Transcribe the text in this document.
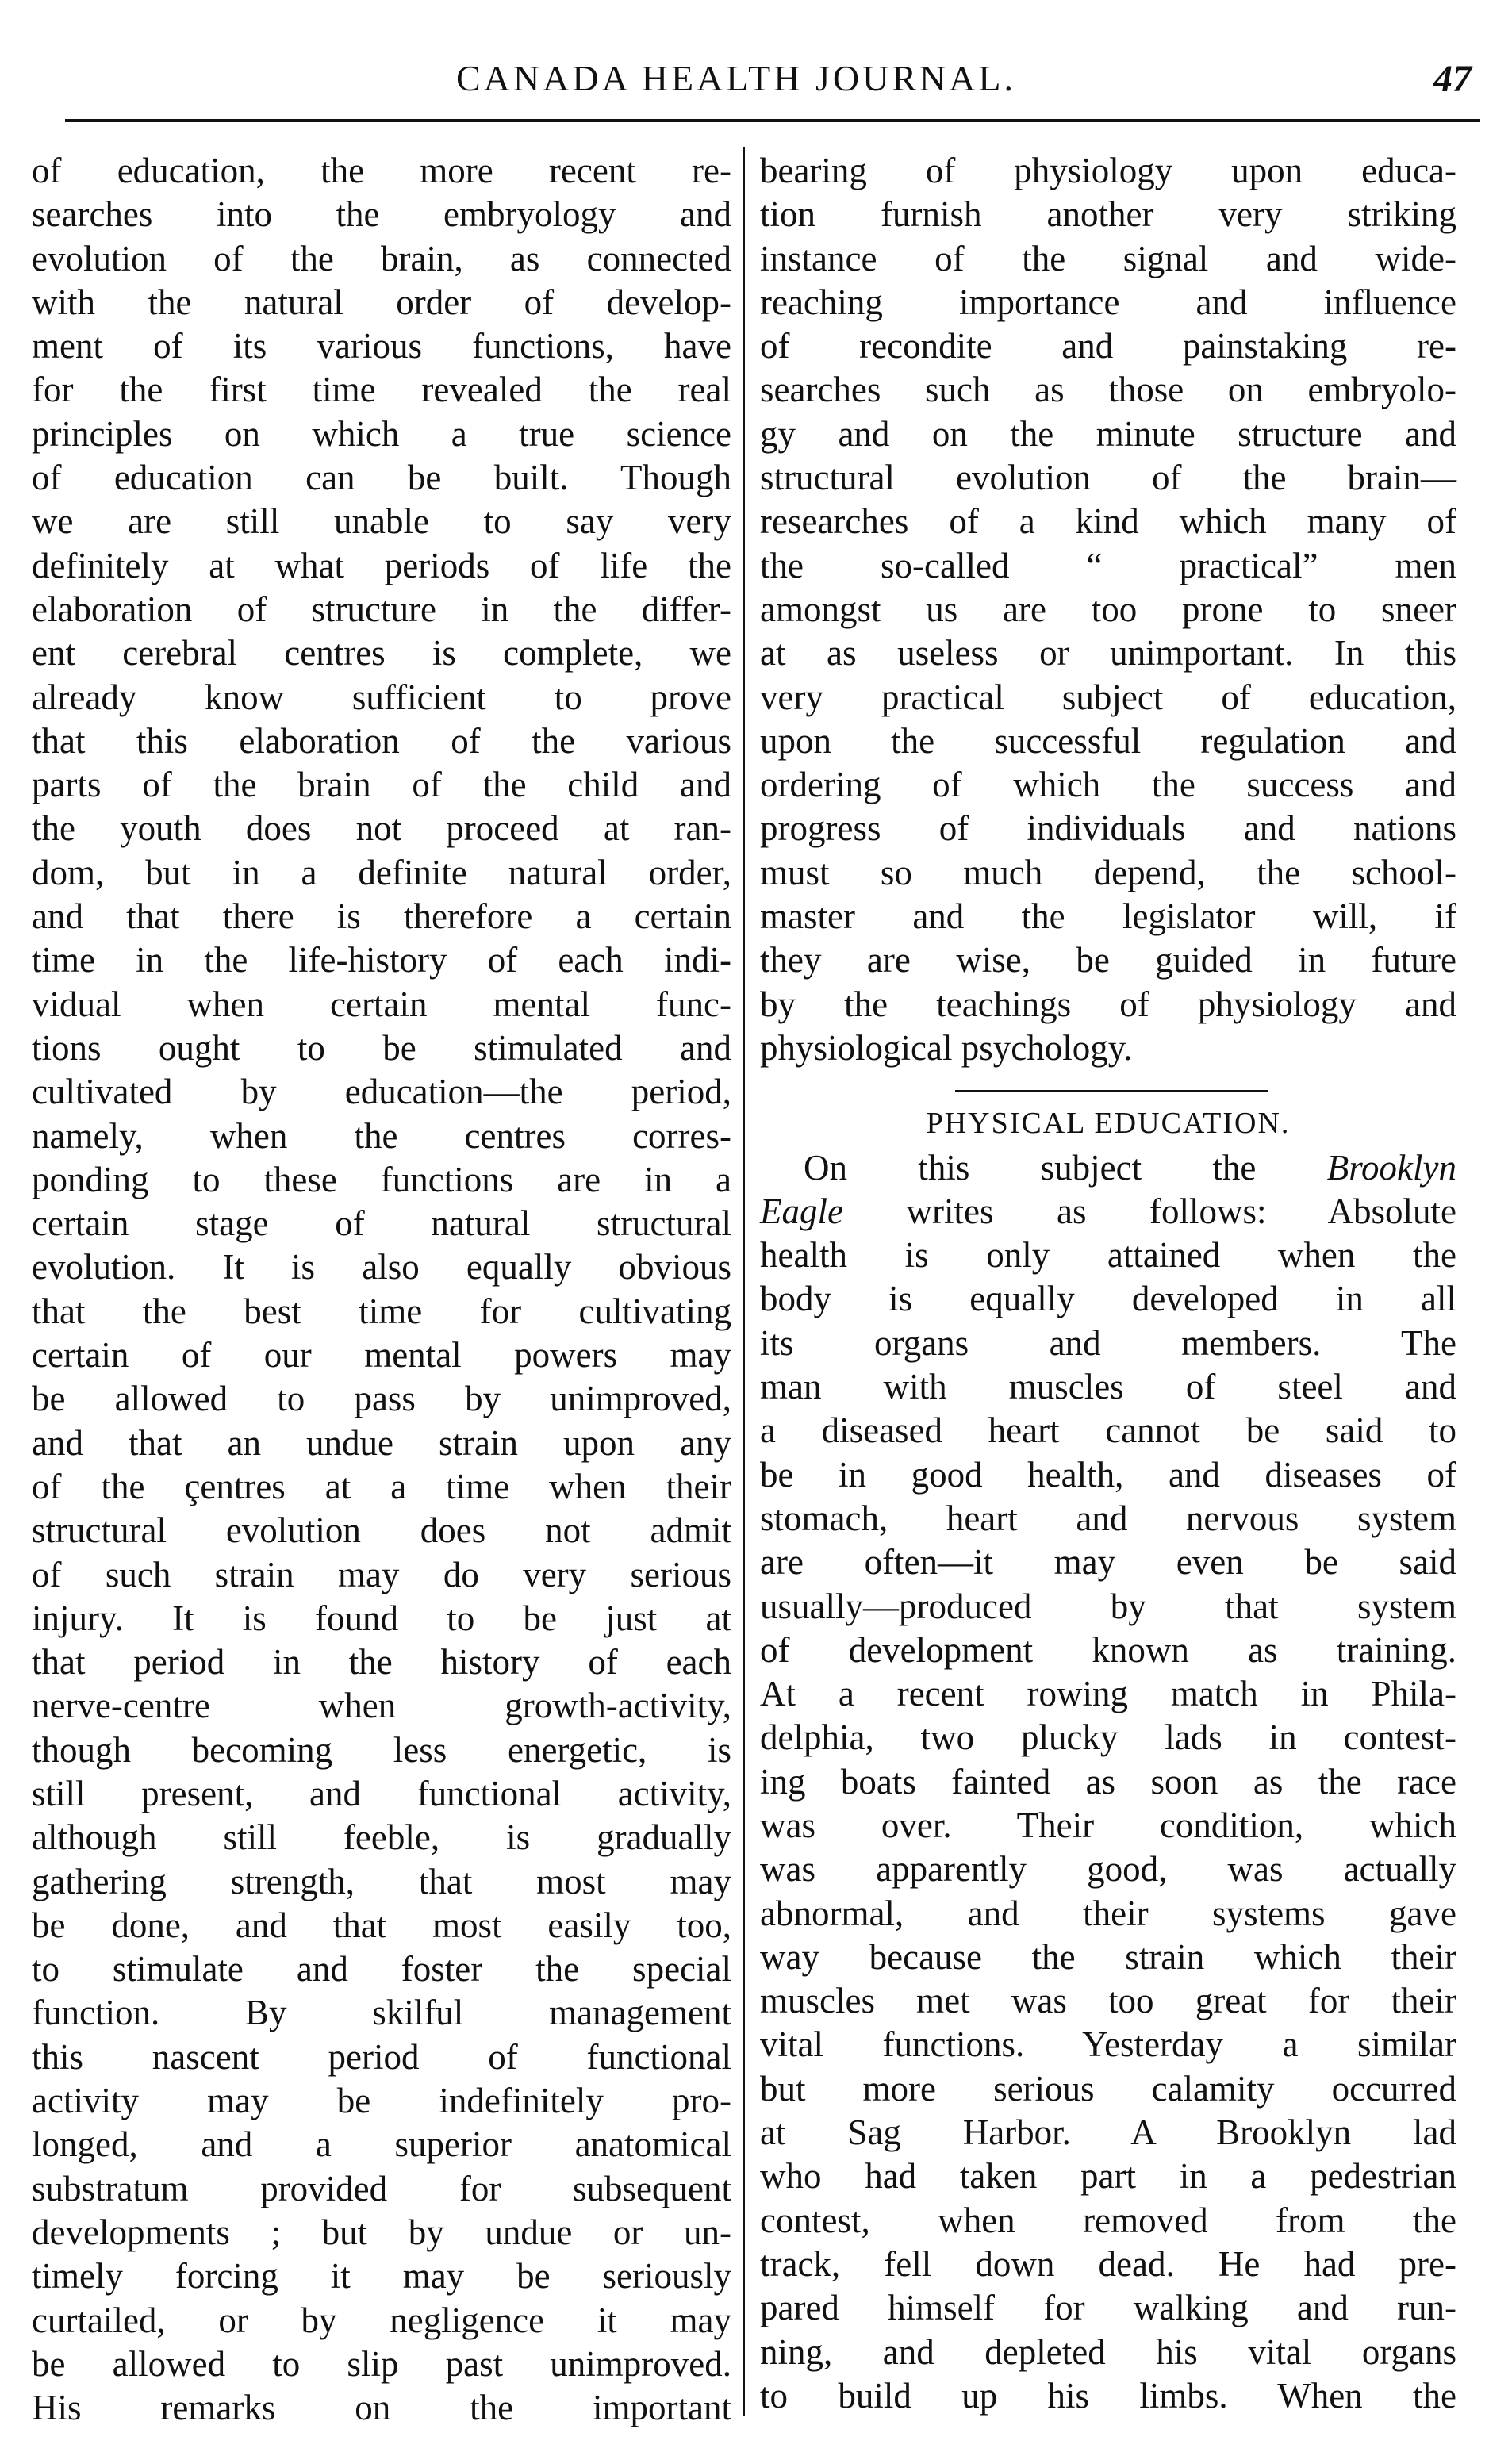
CANADA HEALTH JOURNAL.	47
of education, the more recent re-
searches into the embryology and
evolution of the brain, as connected
with the natural order of develop-
ment of its various functions, have
for the first time revealed the real
principles on which a true science
of education can be built. Though
we are still unable to say very
definitely at what periods of life the
elaboration of structure in the differ-
ent cerebral centres is complete, we
already know sufficient to prove
that this elaboration of the various
parts of the brain of the child and
the youth does not proceed at ran-
dom, but in a definite natural order,
and that there is therefore a certain
time in the life-history of each indi-
vidual when certain mental func-
tions ought to be stimulated and
cultivated by education—the period,
namely, when the centres corres-
ponding to these functions are in a
certain stage of natural structural
evolution. It is also equally obvious
that the best time for cultivating
certain of our mental powers may
be allowed to pass by unimproved,
and that an undue strain upon any
of the çentres at a time when their
structural evolution does not admit
of such strain may do very serious
injury. It is found to be just at
that period in the history of each
nerve-centre when growth-activity,
though becoming less energetic, is
still present, and functional activity,
although still feeble, is gradually
gathering strength, that most may
be done, and that most easily too,
to stimulate and foster the special
function. By skilful management
this nascent period of functional
activity may be indefinitely pro-
longed, and a superior anatomical
substratum provided for subsequent
developments ; but by undue or un-
timely forcing it may be seriously
curtailed, or by negligence it may
be allowed to slip past unimproved.
His remarks on the important
bearing of physiology upon educa-
tion furnish another very striking
instance of the signal and wide-
reaching importance and influence
of recondite and painstaking re-
searches such as those on embryolo-
gy and on the minute structure and
structural evolution of the brain—
researches of a kind which many of
the so-called “ practical” men
amongst us are too prone to sneer
at as useless or unimportant. In this
very practical subject of education,
upon the successful regulation and
ordering of which the success and
progress of individuals and nations
must so much depend, the school-
master and the legislator will, if
they are wise, be guided in future
by the teachings of physiology and
physiological psychology.
PHYSICAL EDUCATION.
On this subject the Brooklyn
Eagle writes as follows: Absolute
health is only attained when the
body is equally developed in all
its organs and members. The
man with muscles of steel and
a diseased heart cannot be said to
be in good health, and diseases of
stomach, heart and nervous system
are often—it may even be said
usually—produced by that system
of development known as training.
At a recent rowing match in Phila-
delphia, two plucky lads in contest-
ing boats fainted as soon as the race
was over. Their condition, which
was apparently good, was actually
abnormal, and their systems gave
way because the strain which their
muscles met was too great for their
vital functions. Yesterday a similar
but more serious calamity occurred
at Sag Harbor. A Brooklyn lad
who had taken part in a pedestrian
contest, when removed from the
track, fell down dead. He had pre-
pared himself for walking and run-
ning, and depleted his vital organs
to build up his limbs. When the
